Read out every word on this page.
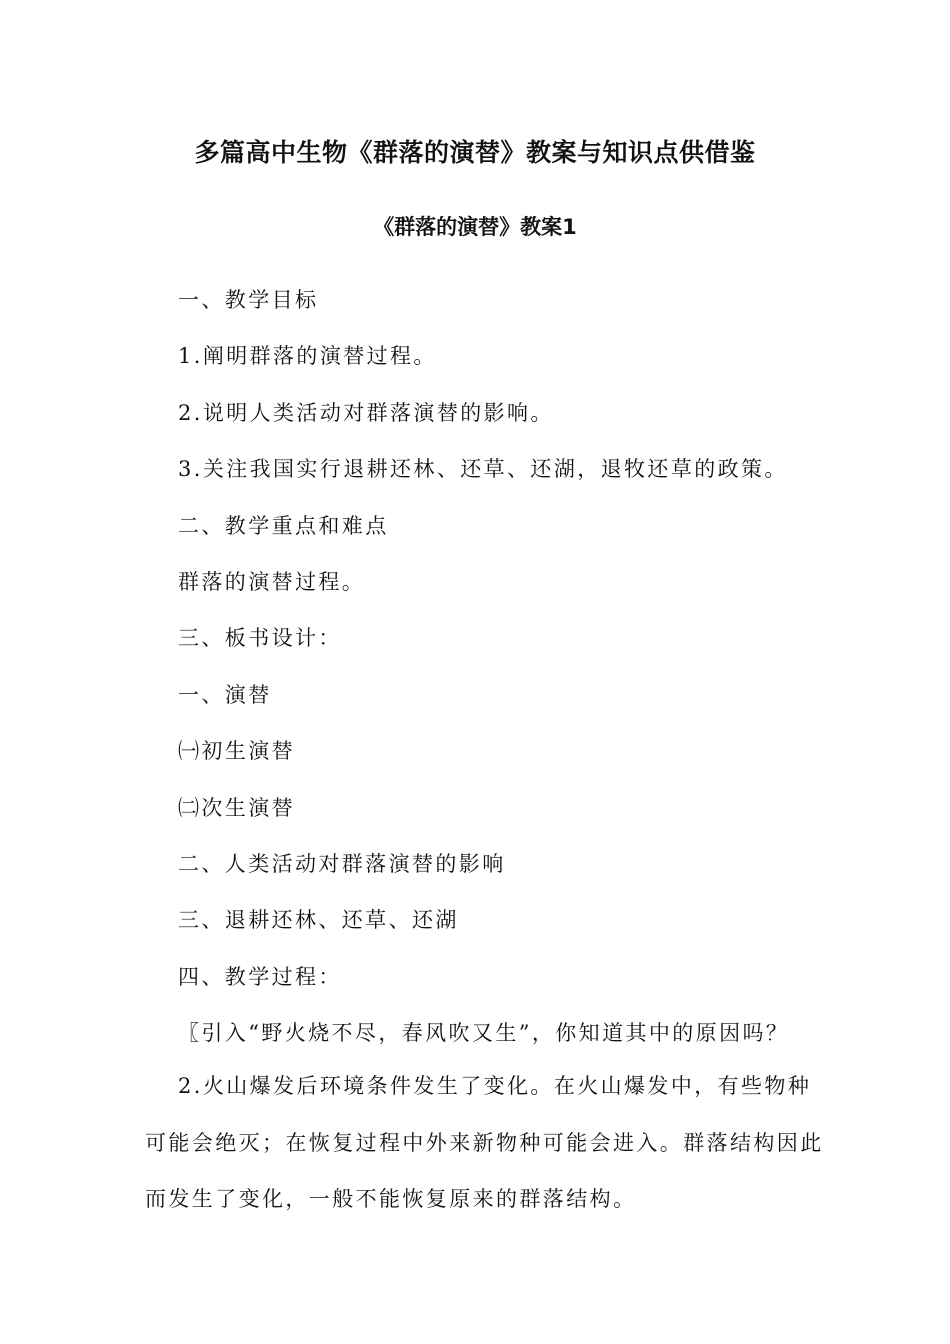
多篇高中生物《群落的演替》教案与知识点供借鉴
《群落的演替》教案1
一、教学目标
1.阐明群落的演替过程。
2.说明人类活动对群落演替的影响。
3.关注我国实行退耕还林、还草、还湖，退牧还草的政策。
二、教学重点和难点
群落的演替过程。
三、板书设计：
一、演替
㈠初生演替
㈡次生演替
二、人类活动对群落演替的影响
三、退耕还林、还草、还湖
四、教学过程：
〖引入“野火烧不尽，春风吹又生”，你知道其中的原因吗？
2.火山爆发后环境条件发生了变化。在火山爆发中，有些物种可能会绝灭；在恢复过程中外来新物种可能会进入。群落结构因此而发生了变化，一般不能恢复原来的群落结构。
